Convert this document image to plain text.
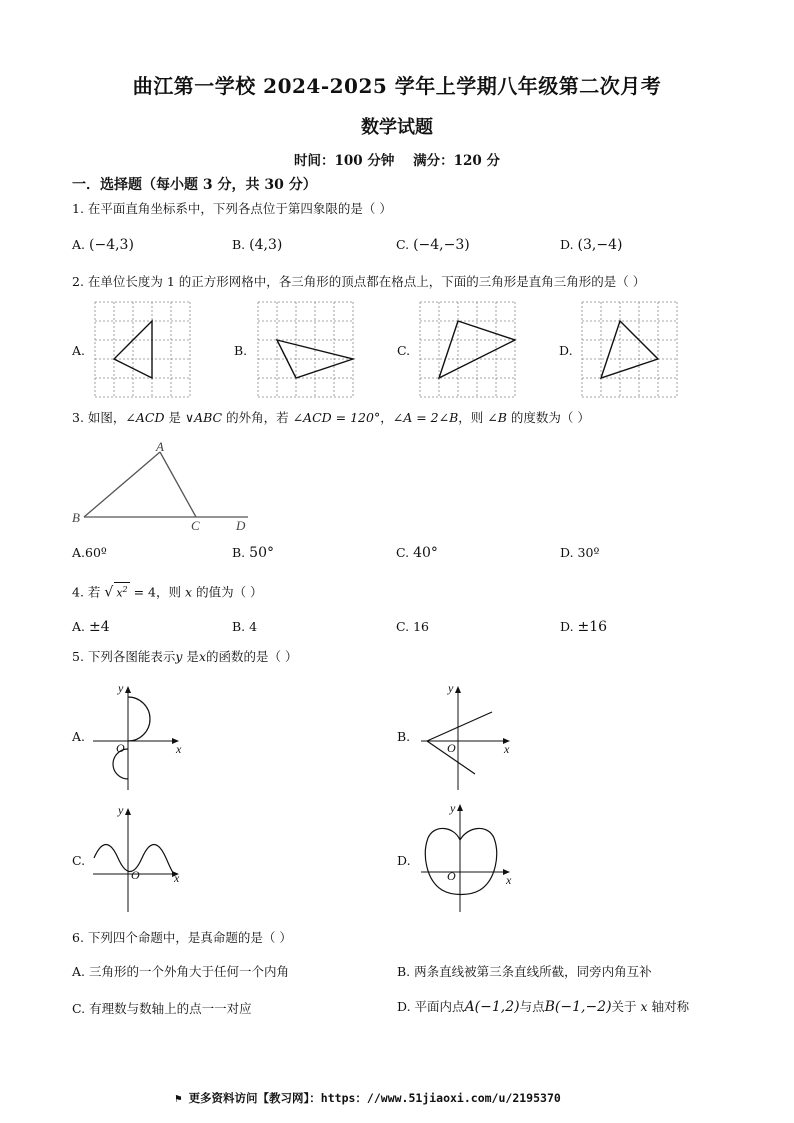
曲江第一学校 2024-2025 学年上学期八年级第二次月考
数学试题
时间：100 分钟    满分：120 分
一．选择题（每小题 3 分，共 30 分）
1. 在平面直角坐标系中，下列各点位于第四象限的是（ ）
A. (−4,3)	B. (4,3)	C. (−4,−3)	D. (3,−4)
2. 在单位长度为 1 的正方形网格中，各三角形的顶点都在格点上，下面的三角形是直角三角形的是（ ）
A.	B.	C.	D.
3. 如图，∠ACD 是 ∨ABC 的外角，若 ∠ACD = 120°，∠A = 2∠B，则 ∠B 的度数为（ ）
A
B
C	D
A.60º	B. 50°	C. 40°	D. 30º
4. 若 √ $x^2 = 4$，则 x 的值为（ ）
A. ±4	B. 4	C. 16	D. ±16
5. 下列各图能表示y 是x的函数的是（ ）
A.	B.
C.	D.
O	x
y
O	x
y
O	x
y
O	x
y
6. 下列四个命题中，是真命题的是（ ）
A. 三角形的一个外角大于任何一个内角	B. 两条直线被第三条直线所截，同旁内角互补
C. 有理数与数轴上的点一一对应	D. 平面内点A(−1,2)与点B(−1,−2)关于 x 轴对称
⚑ 更多资料访问【教习网】：https：//www.51jiaoxi.com/u/2195370
